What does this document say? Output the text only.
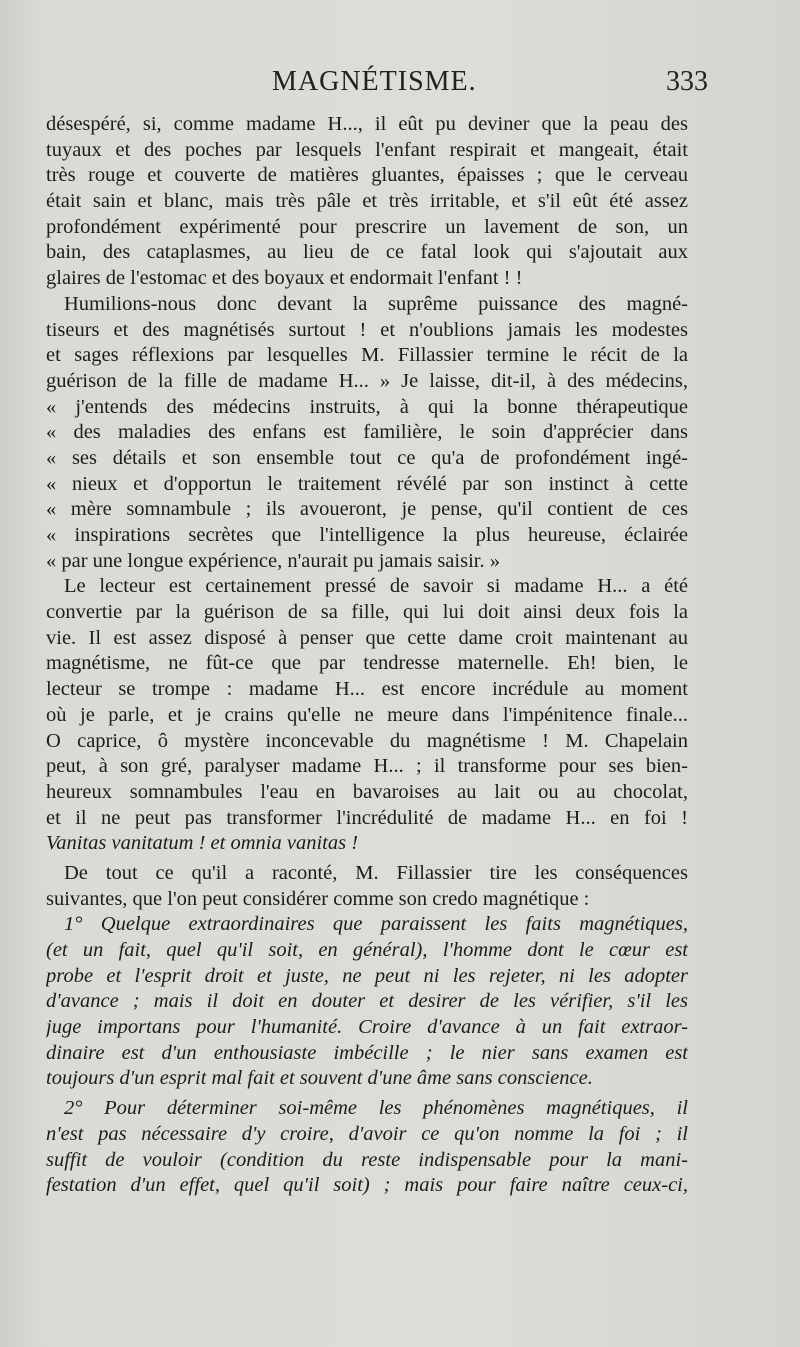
MAGNÉTISME.	333
désespéré, si, comme madame H..., il eût pu deviner que la peau des
tuyaux et des poches par lesquels l'enfant respirait et mangeait, était
très rouge et couverte de matières gluantes, épaisses ; que le cerveau
était sain et blanc, mais très pâle et très irritable, et s'il eût été assez
profondément expérimenté pour prescrire un lavement de son, un
bain, des cataplasmes, au lieu de ce fatal look qui s'ajoutait aux
glaires de l'estomac et des boyaux et endormait l'enfant ! !
Humilions-nous donc devant la suprême puissance des magné-
tiseurs et des magnétisés surtout ! et n'oublions jamais les modestes
et sages réflexions par lesquelles M. Fillassier termine le récit de la
guérison de la fille de madame H... » Je laisse, dit-il, à des médecins,
« j'entends des médecins instruits, à qui la bonne thérapeutique
« des maladies des enfans est familière, le soin d'apprécier dans
« ses détails et son ensemble tout ce qu'a de profondément ingé-
« nieux et d'opportun le traitement révélé par son instinct à cette
« mère somnambule ; ils avoueront, je pense, qu'il contient de ces
« inspirations secrètes que l'intelligence la plus heureuse, éclairée
« par une longue expérience, n'aurait pu jamais saisir. »
Le lecteur est certainement pressé de savoir si madame H... a été
convertie par la guérison de sa fille, qui lui doit ainsi deux fois la
vie. Il est assez disposé à penser que cette dame croit maintenant au
magnétisme, ne fût-ce que par tendresse maternelle. Eh! bien, le
lecteur se trompe : madame H... est encore incrédule au moment
où je parle, et je crains qu'elle ne meure dans l'impénitence finale...
O caprice, ô mystère inconcevable du magnétisme ! M. Chapelain
peut, à son gré, paralyser madame H... ; il transforme pour ses bien-
heureux somnambules l'eau en bavaroises au lait ou au chocolat,
et il ne peut pas transformer l'incrédulité de madame H... en foi !
Vanitas vanitatum ! et omnia vanitas !
De tout ce qu'il a raconté, M. Fillassier tire les conséquences
suivantes, que l'on peut considérer comme son credo magnétique :
1° Quelque extraordinaires que paraissent les faits magnétiques,
(et un fait, quel qu'il soit, en général), l'homme dont le cœur est
probe et l'esprit droit et juste, ne peut ni les rejeter, ni les adopter
d'avance ; mais il doit en douter et desirer de les vérifier, s'il les
juge importans pour l'humanité. Croire d'avance à un fait extraor-
dinaire est d'un enthousiaste imbécille ; le nier sans examen est
toujours d'un esprit mal fait et souvent d'une âme sans conscience.
2° Pour déterminer soi-même les phénomènes magnétiques, il
n'est pas nécessaire d'y croire, d'avoir ce qu'on nomme la foi ; il
suffit de vouloir (condition du reste indispensable pour la mani-
festation d'un effet, quel qu'il soit) ; mais pour faire naître ceux-ci,
